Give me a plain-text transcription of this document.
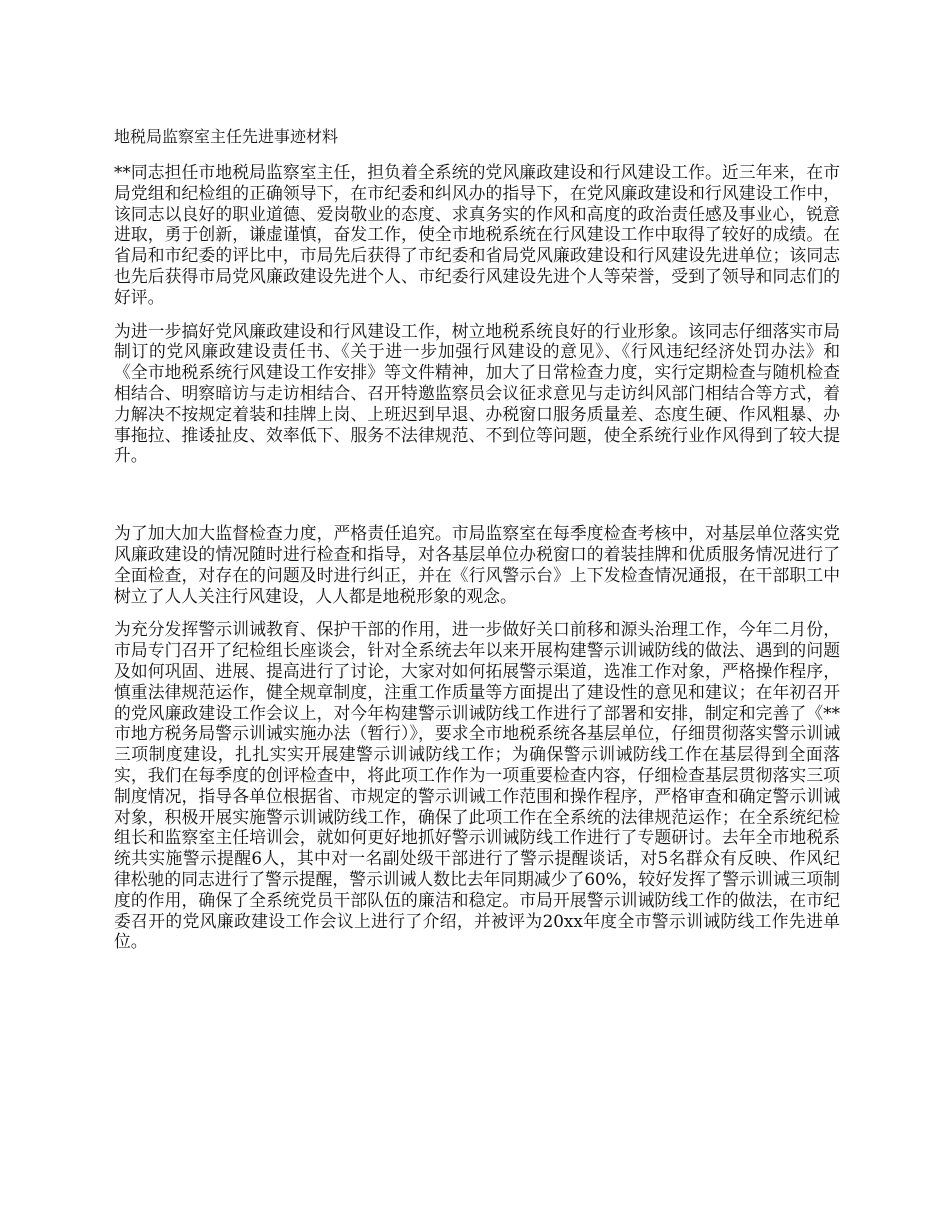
地税局监察室主任先进事迹材料

**同志担任市地税局监察室主任，担负着全系统的党风廉政建设和行风建设工作。近三年来，在市局党组和纪检组的正确领导下，在市纪委和纠风办的指导下，在党风廉政建设和行风建设工作中，该同志以良好的职业道德、爱岗敬业的态度、求真务实的作风和高度的政治责任感及事业心，锐意进取，勇于创新，谦虚谨慎，奋发工作，使全市地税系统在行风建设工作中取得了较好的成绩。在省局和市纪委的评比中，市局先后获得了市纪委和省局党风廉政建设和行风建设先进单位；该同志也先后获得市局党风廉政建设先进个人、市纪委行风建设先进个人等荣誉，受到了领导和同志们的好评。

为进一步搞好党风廉政建设和行风建设工作，树立地税系统良好的行业形象。该同志仔细落实市局制订的党风廉政建设责任书、《关于进一步加强行风建设的意见》、《行风违纪经济处罚办法》和《全市地税系统行风建设工作安排》等文件精神，加大了日常检查力度，实行定期检查与随机检查相结合、明察暗访与走访相结合、召开特邀监察员会议征求意见与走访纠风部门相结合等方式，着力解决不按规定着装和挂牌上岗、上班迟到早退、办税窗口服务质量差、态度生硬、作风粗暴、办事拖拉、推诿扯皮、效率低下、服务不法律规范、不到位等问题，使全系统行业作风得到了较大提升。

为了加大加大监督检查力度，严格责任追究。市局监察室在每季度检查考核中，对基层单位落实党风廉政建设的情况随时进行检查和指导，对各基层单位办税窗口的着装挂牌和优质服务情况进行了全面检查，对存在的问题及时进行纠正，并在《行风警示台》上下发检查情况通报，在干部职工中树立了人人关注行风建设，人人都是地税形象的观念。

为充分发挥警示训诫教育、保护干部的作用，进一步做好关口前移和源头治理工作，今年二月份，市局专门召开了纪检组长座谈会，针对全系统去年以来开展构建警示训诫防线的做法、遇到的问题及如何巩固、进展、提高进行了讨论，大家对如何拓展警示渠道，选准工作对象，严格操作程序，慎重法律规范运作，健全规章制度，注重工作质量等方面提出了建设性的意见和建议；在年初召开的党风廉政建设工作会议上，对今年构建警示训诫防线工作进行了部署和安排，制定和完善了《**市地方税务局警示训诫实施办法（暂行）》，要求全市地税系统各基层单位，仔细贯彻落实警示训诫三项制度建设，扎扎实实开展建警示训诫防线工作；为确保警示训诫防线工作在基层得到全面落实，我们在每季度的创评检查中，将此项工作作为一项重要检查内容，仔细检查基层贯彻落实三项制度情况，指导各单位根据省、市规定的警示训诫工作范围和操作程序，严格审查和确定警示训诫对象，积极开展实施警示训诫防线工作，确保了此项工作在全系统的法律规范运作；在全系统纪检组长和监察室主任培训会，就如何更好地抓好警示训诫防线工作进行了专题研讨。去年全市地税系统共实施警示提醒6人，其中对一名副处级干部进行了警示提醒谈话，对5名群众有反映、作风纪律松驰的同志进行了警示提醒，警示训诫人数比去年同期减少了60%，较好发挥了警示训诫三项制度的作用，确保了全系统党员干部队伍的廉洁和稳定。市局开展警示训诫防线工作的做法，在市纪委召开的党风廉政建设工作会议上进行了介绍，并被评为20xx年度全市警示训诫防线工作先进单位。
